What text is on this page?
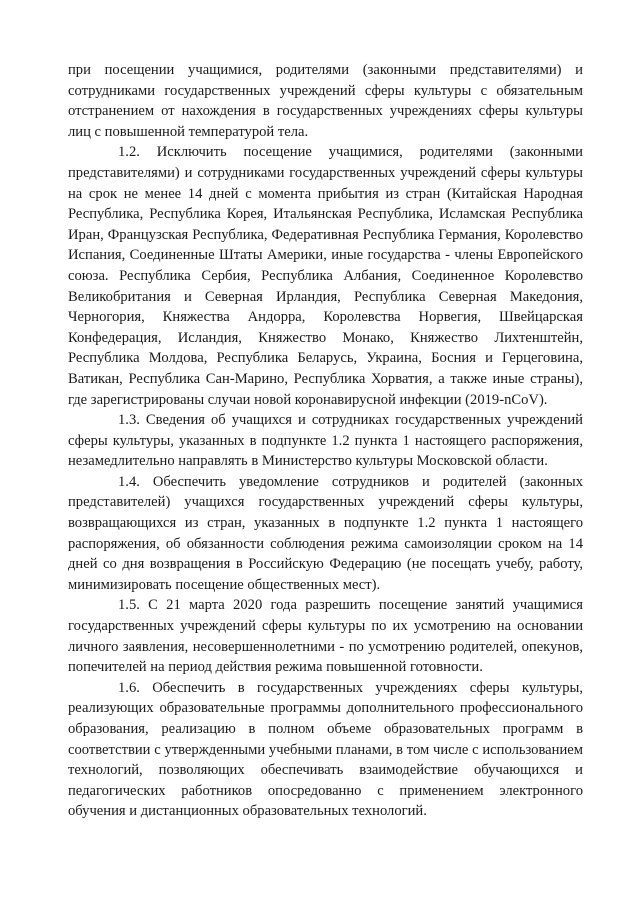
при посещении учащимися, родителями (законными представителями) и сотрудниками государственных учреждений сферы культуры с обязательным отстранением от нахождения в государственных учреждениях сферы культуры лиц с повышенной температурой тела.

1.2. Исключить посещение учащимися, родителями (законными представителями) и сотрудниками государственных учреждений сферы культуры на срок не менее 14 дней с момента прибытия из стран (Китайская Народная Республика, Республика Корея, Итальянская Республика, Исламская Республика Иран, Французская Республика, Федеративная Республика Германия, Королевство Испания, Соединенные Штаты Америки, иные государства - члены Европейского союза. Республика Сербия, Республика Албания, Соединенное Королевство Великобритания и Северная Ирландия, Республика Северная Македония, Черногория, Княжества Андорра, Королевства Норвегия, Швейцарская Конфедерация, Исландия, Княжество Монако, Княжество Лихтенштейн, Республика Молдова, Республика Беларусь, Украина, Босния и Герцеговина, Ватикан, Республика Сан-Марино, Республика Хорватия, а также иные страны), где зарегистрированы случаи новой коронавирусной инфекции (2019-nCoV).

1.3. Сведения об учащихся и сотрудниках государственных учреждений сферы культуры, указанных в подпункте 1.2 пункта 1 настоящего распоряжения, незамедлительно направлять в Министерство культуры Московской области.

1.4. Обеспечить уведомление сотрудников и родителей (законных представителей) учащихся государственных учреждений сферы культуры, возвращающихся из стран, указанных в подпункте 1.2 пункта 1 настоящего распоряжения, об обязанности соблюдения режима самоизоляции сроком на 14 дней со дня возвращения в Российскую Федерацию (не посещать учебу, работу, минимизировать посещение общественных мест).

1.5. С 21 марта 2020 года разрешить посещение занятий учащимися государственных учреждений сферы культуры по их усмотрению на основании личного заявления, несовершеннолетними - по усмотрению родителей, опекунов, попечителей на период действия режима повышенной готовности.

1.6. Обеспечить в государственных учреждениях сферы культуры, реализующих образовательные программы дополнительного профессионального образования, реализацию в полном объеме образовательных программ в соответствии с утвержденными учебными планами, в том числе с использованием технологий, позволяющих обеспечивать взаимодействие обучающихся и педагогических работников опосредованно с применением электронного обучения и дистанционных образовательных технологий.
